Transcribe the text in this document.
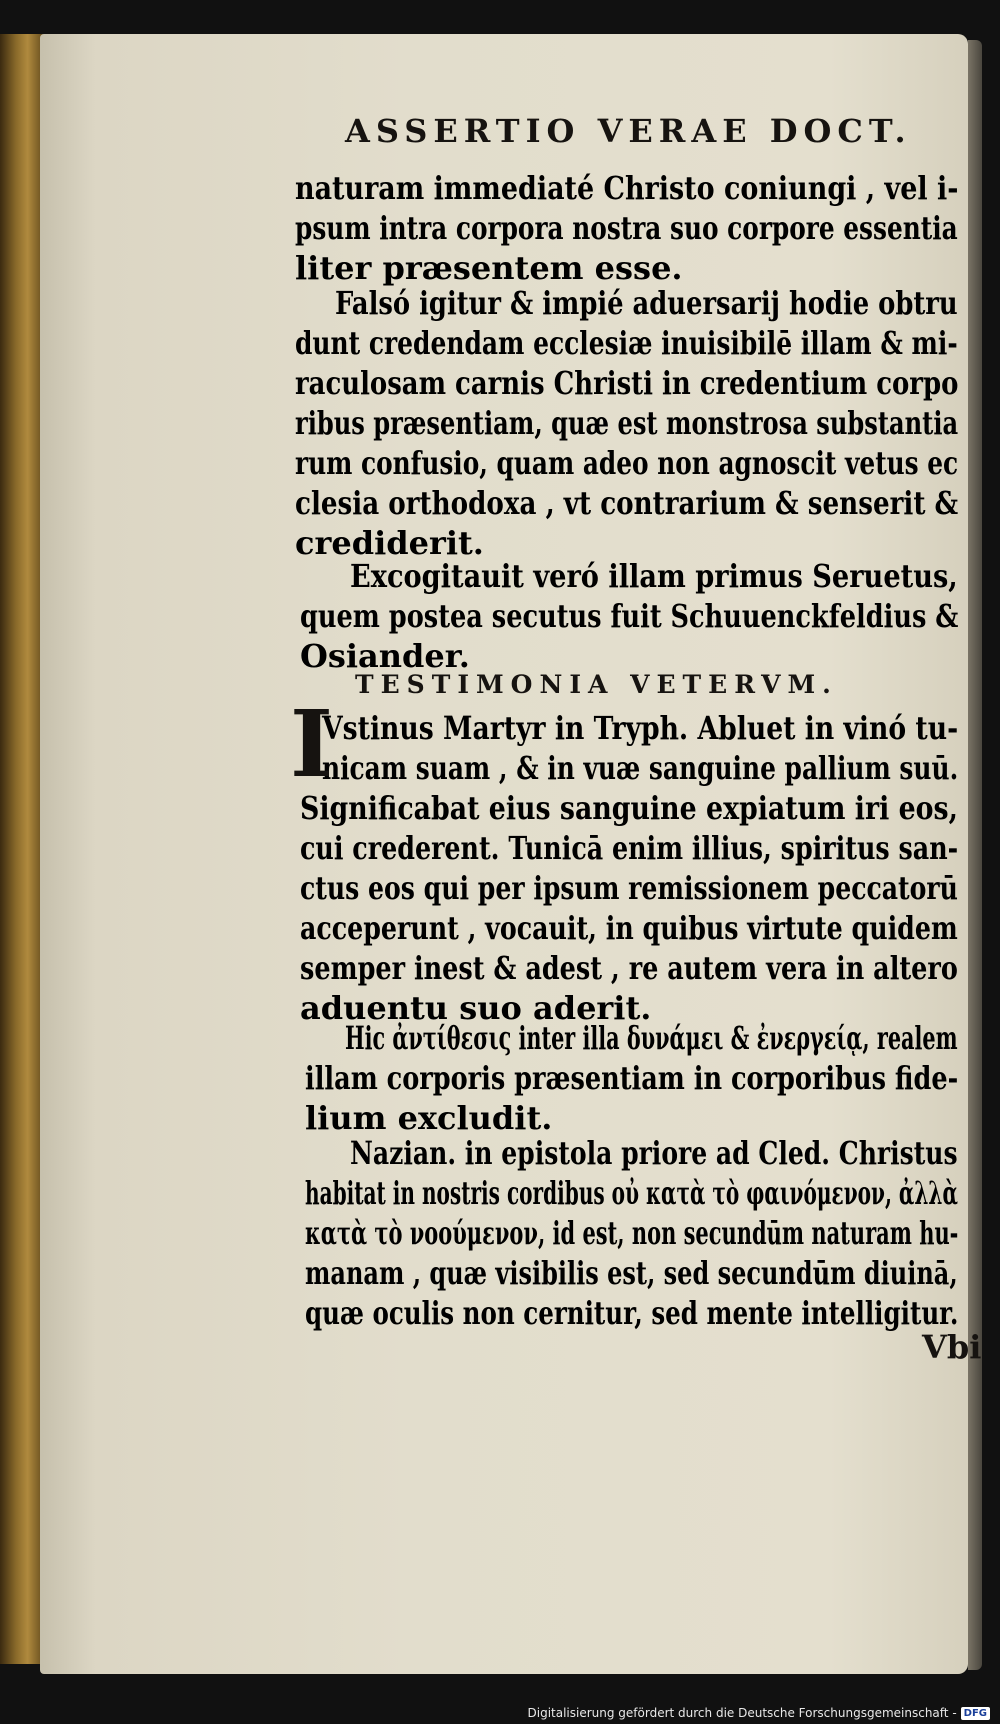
ASSERTIO VERAE DOCT.
naturam immediaté Christo coniungi , vel i-
psum intra corpora nostra suo corpore essentia
liter præsentem esse.
Falsó igitur & impié aduersarij hodie obtru
dunt credendam ecclesiæ inuisibilē illam & mi-
raculosam carnis Christi in credentium corpo
ribus præsentiam, quæ est monstrosa substantia
rum confusio, quam adeo non agnoscit vetus ec
clesia orthodoxa , vt contrarium & senserit &
crediderit.
Excogitauit veró illam primus Seruetus,
quem postea secutus fuit Schuuenckfeldius &
Osiander.
Vstinus Martyr in Tryph. Abluet in vinó tu-
nicam suam , & in vuæ sanguine pallium suū.
Significabat eius sanguine expiatum iri eos,
cui crederent. Tunicā enim illius, spiritus san-
ctus eos qui per ipsum remissionem peccatorū
acceperunt , vocauit, in quibus virtute quidem
semper inest & adest , re autem vera in altero
aduentu suo aderit.
Hic ἀντίθεσις inter illa δυνάμει & ἐνεργείᾳ, realem
illam corporis præsentiam in corporibus fide-
lium excludit.
Nazian. in epistola priore ad Cled. Christus
habitat in nostris cordibus οὐ κατὰ τὸ φαινόμενον, ἀλλὰ
κατὰ τὸ νοούμενον, id est, non secundūm naturam hu-
manam , quæ visibilis est, sed secundūm diuinā,
quæ oculis non cernitur, sed mente intelligitur.
TESTIMONIA VETERVM.
I
Vbi
Digitalisierung gefördert durch die Deutsche Forschungsgemeinschaft - DFG
